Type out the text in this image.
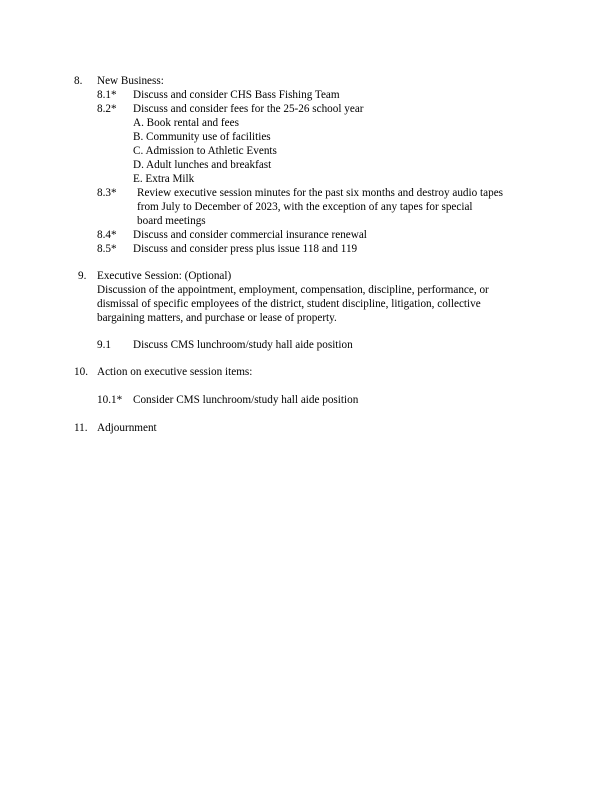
8. New Business:
8.1* Discuss and consider CHS Bass Fishing Team
8.2* Discuss and consider fees for the 25-26 school year
A. Book rental and fees
B. Community use of facilities
C. Admission to Athletic Events
D. Adult lunches and breakfast
E. Extra Milk
8.3* Review executive session minutes for the past six months and destroy audio tapes
from July to December of 2023, with the exception of any tapes for special
board meetings
8.4* Discuss and consider commercial insurance renewal
8.5* Discuss and consider press plus issue 118 and 119
9. Executive Session: (Optional)
Discussion of the appointment, employment, compensation, discipline, performance, or
dismissal of specific employees of the district, student discipline, litigation, collective
bargaining matters, and purchase or lease of property.
9.1 Discuss CMS lunchroom/study hall aide position
10. Action on executive session items:
10.1* Consider CMS lunchroom/study hall aide position
11. Adjournment
